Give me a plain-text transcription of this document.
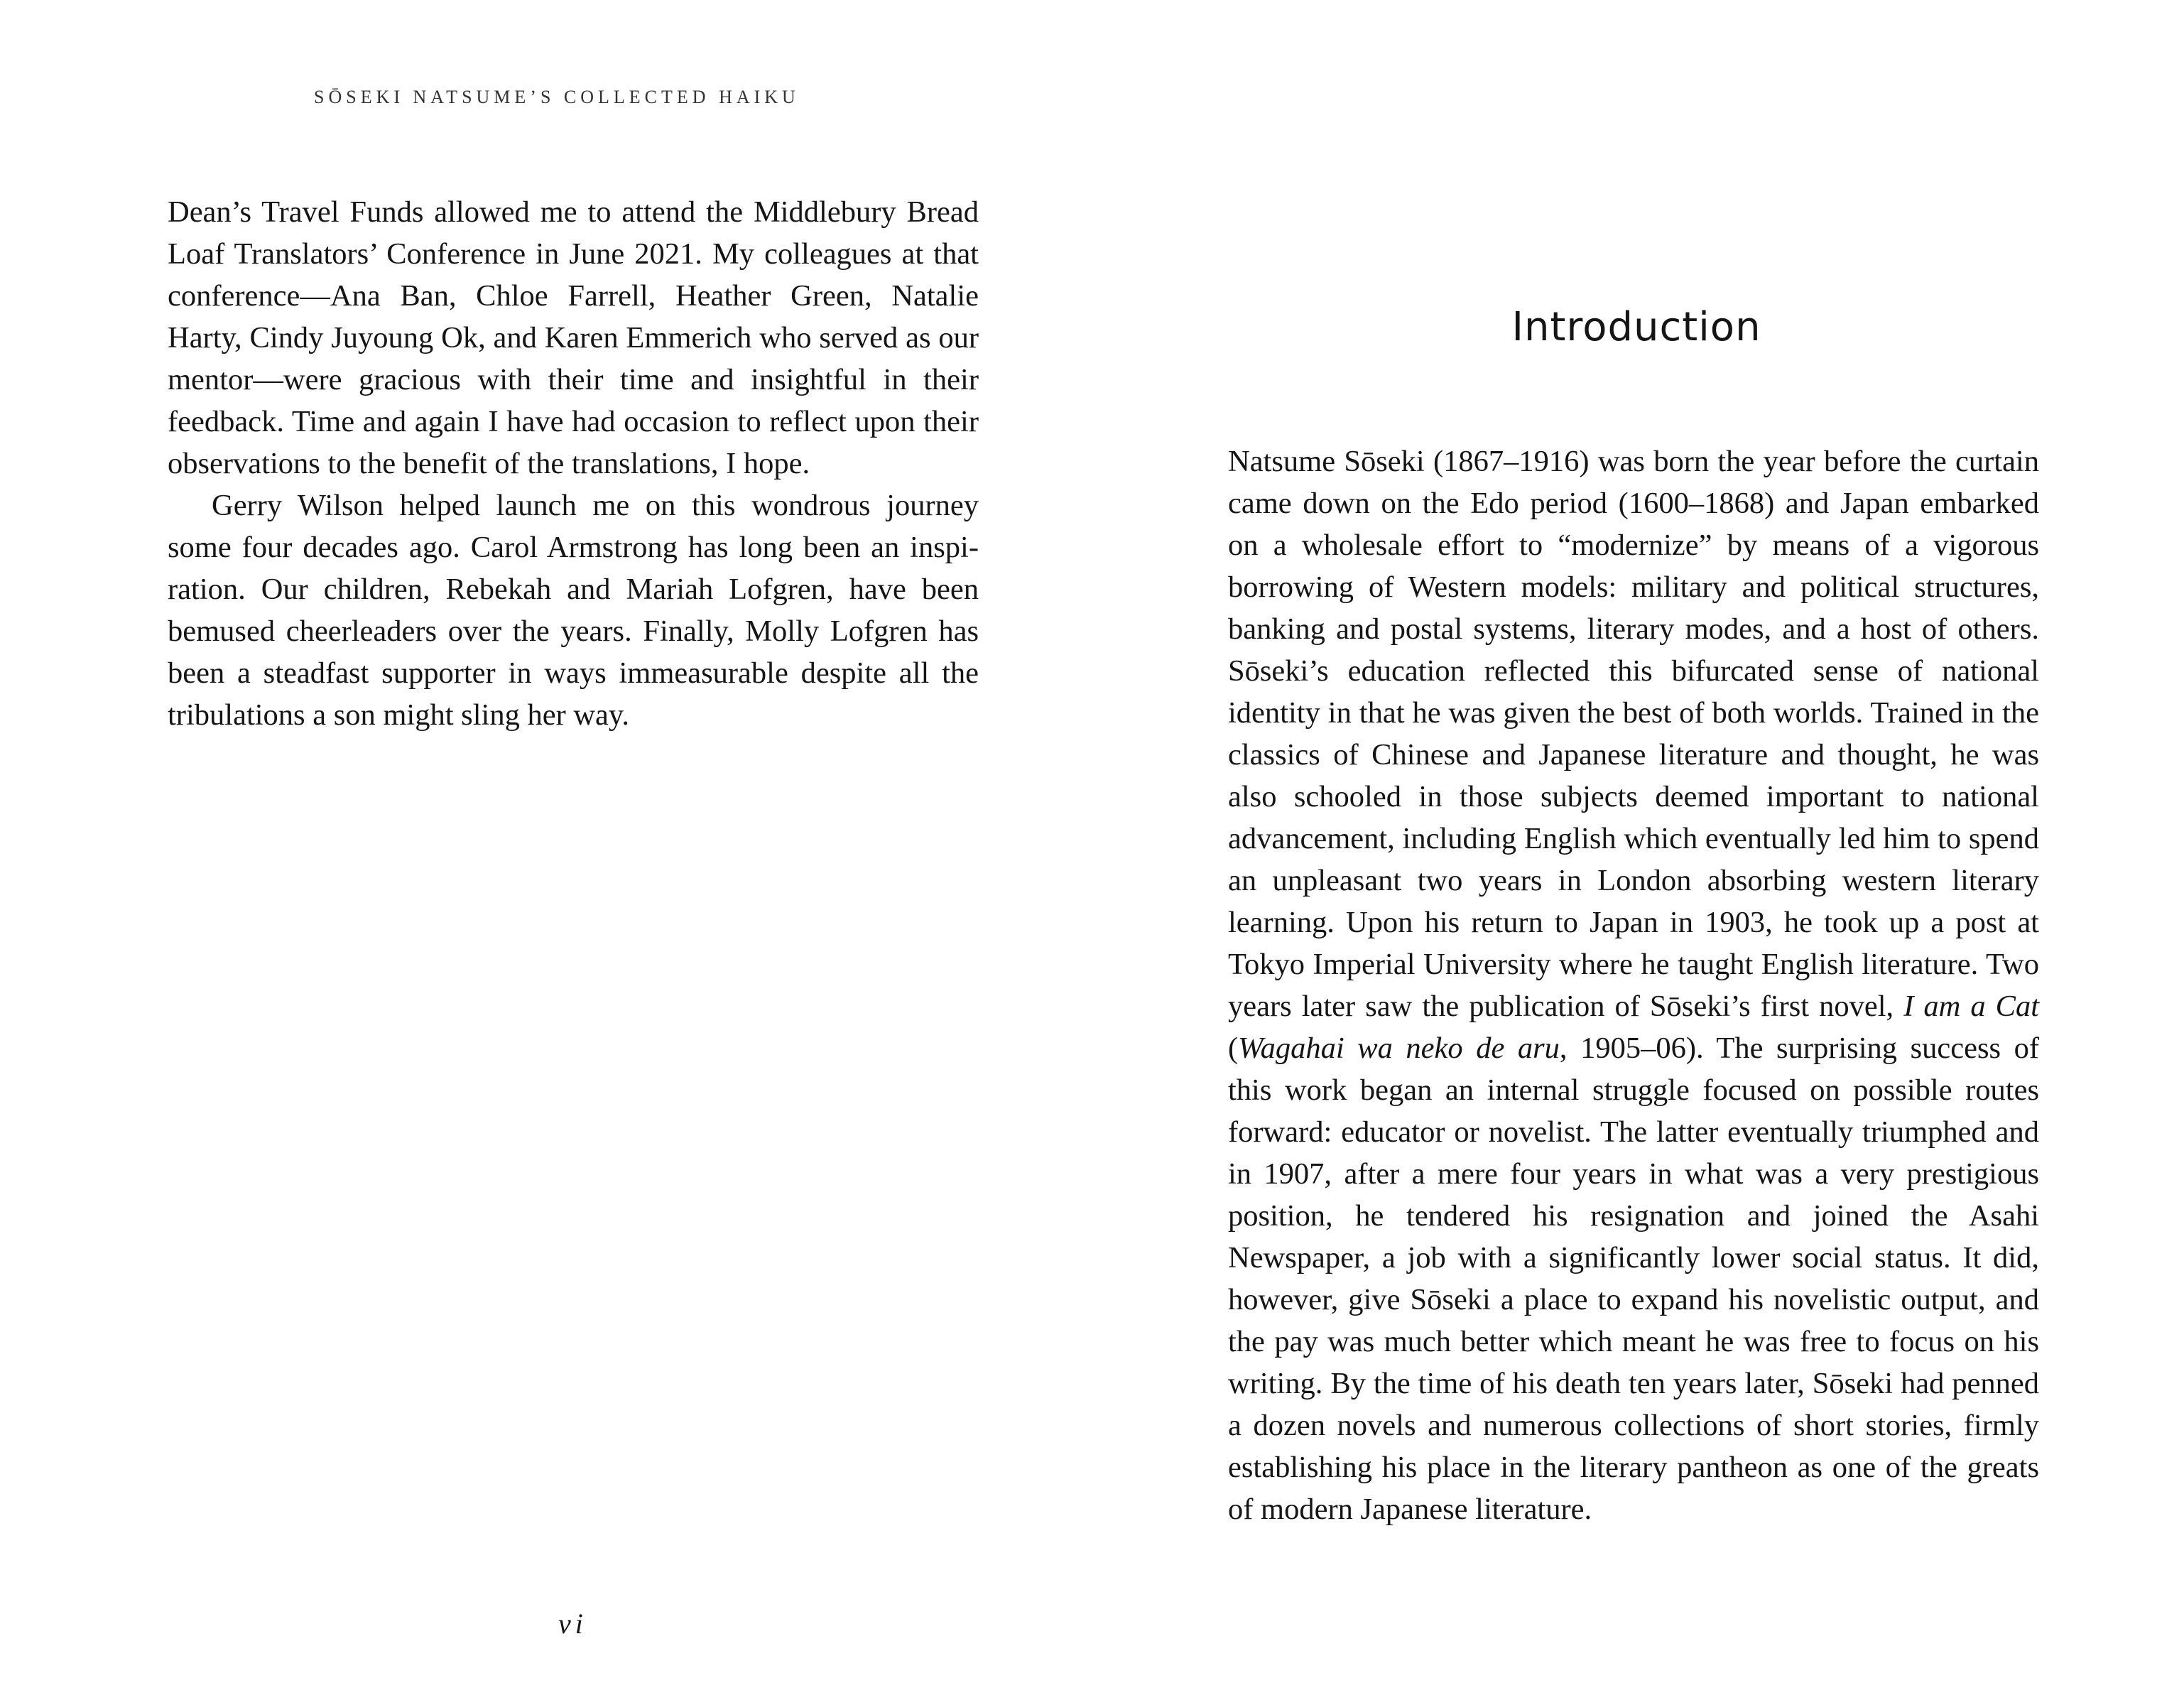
SŌSEKI NATSUME’S COLLECTED HAIKU

Dean’s Travel Funds allowed me to attend the Middlebury Bread Loaf Translators’ Conference in June 2021. My colleagues at that conference—Ana Ban, Chloe Farrell, Heather Green, Natalie Harty, Cindy Juyoung Ok, and Karen Emmerich who served as our mentor—were gracious with their time and insightful in their feedback. Time and again I have had occasion to reflect upon their observations to the benefit of the translations, I hope.

Gerry Wilson helped launch me on this wondrous journey some four decades ago. Carol Armstrong has long been an inspiration. Our children, Rebekah and Mariah Lofgren, have been bemused cheerleaders over the years. Finally, Molly Lofgren has been a steadfast supporter in ways immeasurable despite all the tribulations a son might sling her way.

vi
Introduction

Natsume Sōseki (1867–1916) was born the year before the curtain came down on the Edo period (1600–1868) and Japan embarked on a wholesale effort to “modernize” by means of a vigorous borrowing of Western models: military and political structures, banking and postal systems, literary modes, and a host of others. Sōseki’s education reflected this bifurcated sense of national identity in that he was given the best of both worlds. Trained in the classics of Chinese and Japanese literature and thought, he was also schooled in those subjects deemed important to national advancement, including English which eventually led him to spend an unpleasant two years in London absorbing western literary learning. Upon his return to Japan in 1903, he took up a post at Tokyo Imperial University where he taught English literature. Two years later saw the publication of Sōseki’s first novel, I am a Cat (Wagahai wa neko de aru, 1905–06). The surprising success of this work began an internal struggle focused on possible routes forward: educator or novelist. The latter eventually triumphed and in 1907, after a mere four years in what was a very prestigious position, he tendered his resignation and joined the Asahi Newspaper, a job with a significantly lower social status. It did, however, give Sōseki a place to expand his novelistic output, and the pay was much better which meant he was free to focus on his writing. By the time of his death ten years later, Sōseki had penned a dozen novels and numerous collections of short stories, firmly establishing his place in the literary pantheon as one of the greats of modern Japanese literature.
